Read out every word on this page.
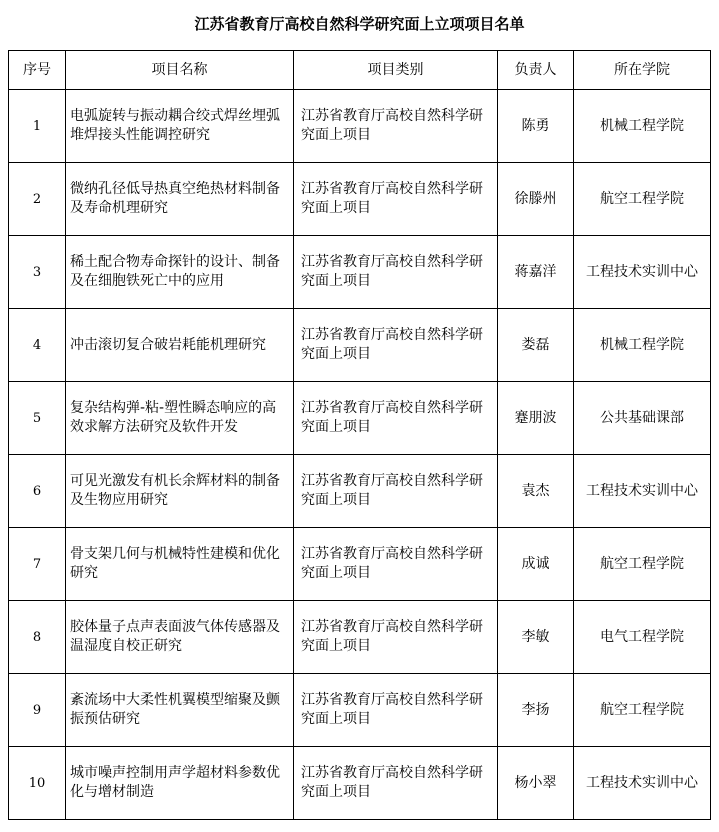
江苏省教育厅高校自然科学研究面上立项项目名单
序号	项目名称	项目类别	负责人	所在学院
1	电弧旋转与振动耦合绞式焊丝埋弧堆焊接头性能调控研究	江苏省教育厅高校自然科学研究面上项目	陈勇	机械工程学院
2	微纳孔径低导热真空绝热材料制备及寿命机理研究	江苏省教育厅高校自然科学研究面上项目	徐滕州	航空工程学院
3	稀土配合物寿命探针的设计、制备及在细胞铁死亡中的应用	江苏省教育厅高校自然科学研究面上项目	蒋嘉洋	工程技术实训中心
4	冲击滚切复合破岩耗能机理研究	江苏省教育厅高校自然科学研究面上项目	娄磊	机械工程学院
5	复杂结构弹-粘-塑性瞬态响应的高效求解方法研究及软件开发	江苏省教育厅高校自然科学研究面上项目	蹇朋波	公共基础课部
6	可见光激发有机长余辉材料的制备及生物应用研究	江苏省教育厅高校自然科学研究面上项目	袁杰	工程技术实训中心
7	骨支架几何与机械特性建模和优化研究	江苏省教育厅高校自然科学研究面上项目	成诚	航空工程学院
8	胶体量子点声表面波气体传感器及温湿度自校正研究	江苏省教育厅高校自然科学研究面上项目	李敏	电气工程学院
9	紊流场中大柔性机翼模型缩聚及颤振预估研究	江苏省教育厅高校自然科学研究面上项目	李扬	航空工程学院
10	城市噪声控制用声学超材料参数优化与增材制造	江苏省教育厅高校自然科学研究面上项目	杨小翠	工程技术实训中心
